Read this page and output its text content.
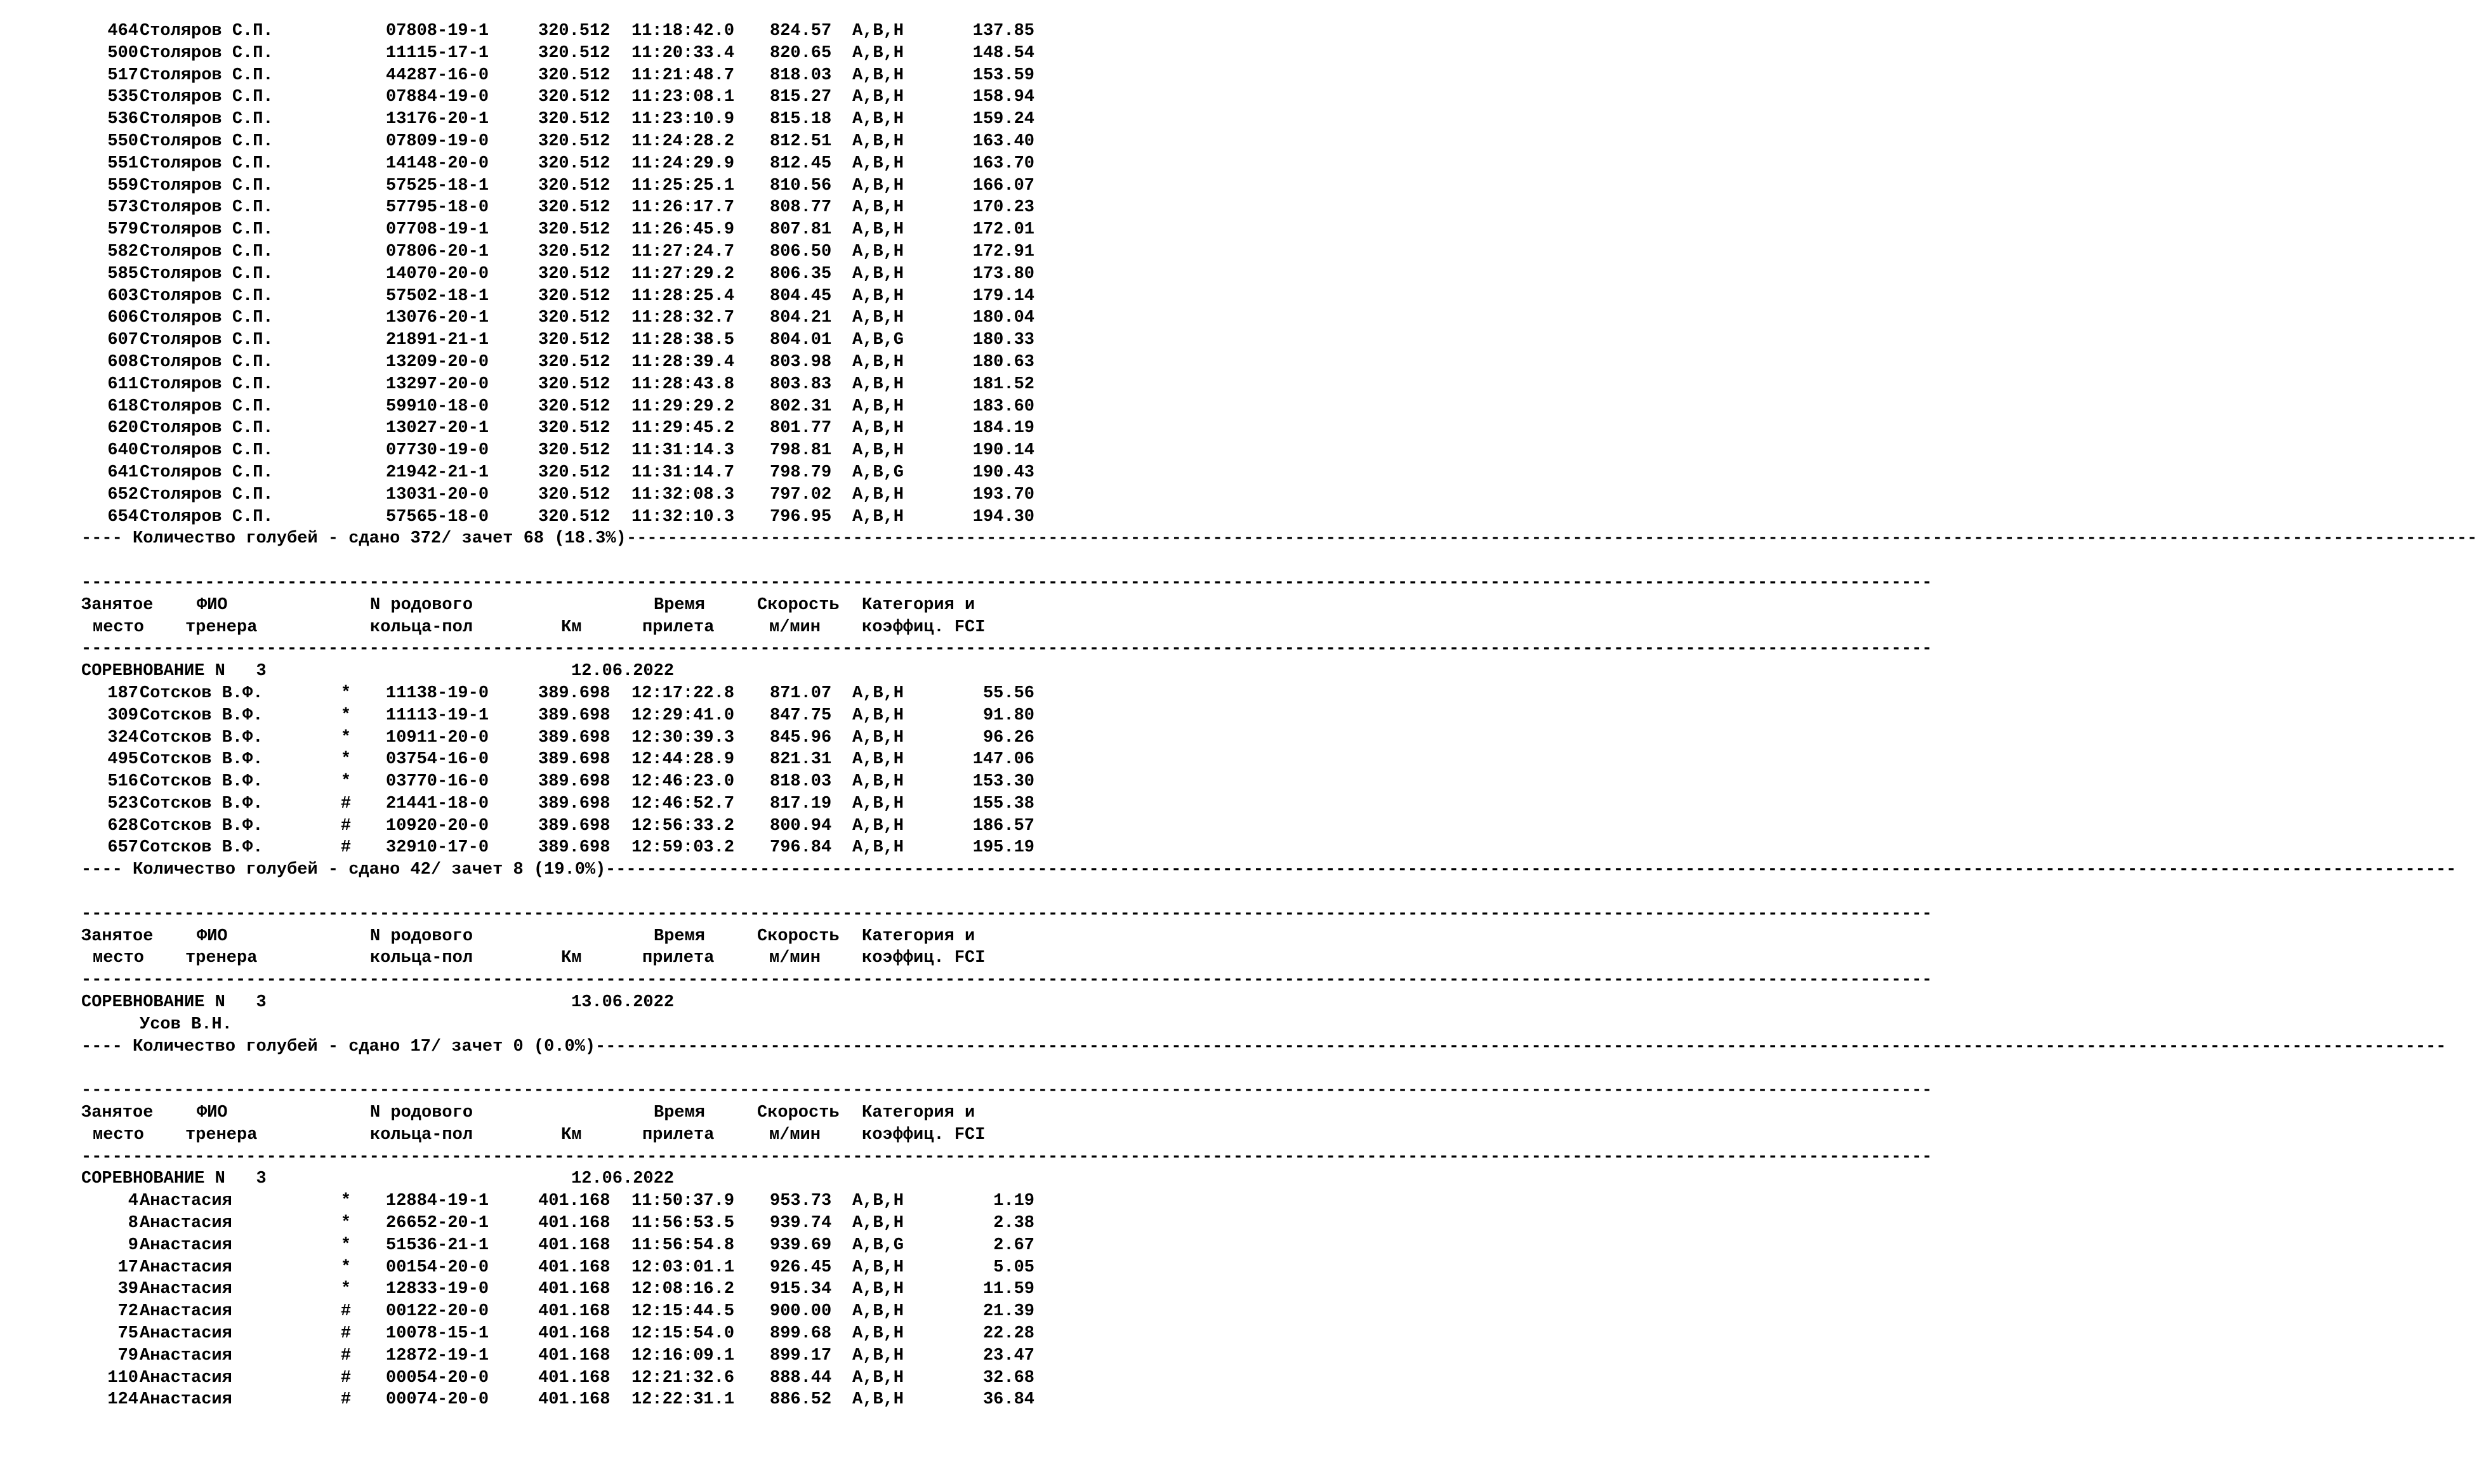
464 Столяров С.П.	07808-19-1	320.512	11:18:42.0	824.57	A,B,H	137.85
500 Столяров С.П.	11115-17-1	320.512	11:20:33.4	820.65	A,B,H	148.54
517 Столяров С.П.	44287-16-0	320.512	11:21:48.7	818.03	A,B,H	153.59
535 Столяров С.П.	07884-19-0	320.512	11:23:08.1	815.27	A,B,H	158.94
536 Столяров С.П.	13176-20-1	320.512	11:23:10.9	815.18	A,B,H	159.24
550 Столяров С.П.	07809-19-0	320.512	11:24:28.2	812.51	A,B,H	163.40
551 Столяров С.П.	14148-20-0	320.512	11:24:29.9	812.45	A,B,H	163.70
559 Столяров С.П.	57525-18-1	320.512	11:25:25.1	810.56	A,B,H	166.07
573 Столяров С.П.	57795-18-0	320.512	11:26:17.7	808.77	A,B,H	170.23
579 Столяров С.П.	07708-19-1	320.512	11:26:45.9	807.81	A,B,H	172.01
582 Столяров С.П.	07806-20-1	320.512	11:27:24.7	806.50	A,B,H	172.91
585 Столяров С.П.	14070-20-0	320.512	11:27:29.2	806.35	A,B,H	173.80
603 Столяров С.П.	57502-18-1	320.512	11:28:25.4	804.45	A,B,H	179.14
606 Столяров С.П.	13076-20-1	320.512	11:28:32.7	804.21	A,B,H	180.04
607 Столяров С.П.	21891-21-1	320.512	11:28:38.5	804.01	A,B,G	180.33
608 Столяров С.П.	13209-20-0	320.512	11:28:39.4	803.98	A,B,H	180.63
611 Столяров С.П.	13297-20-0	320.512	11:28:43.8	803.83	A,B,H	181.52
618 Столяров С.П.	59910-18-0	320.512	11:29:29.2	802.31	A,B,H	183.60
620 Столяров С.П.	13027-20-1	320.512	11:29:45.2	801.77	A,B,H	184.19
640 Столяров С.П.	07730-19-0	320.512	11:31:14.3	798.81	A,B,H	190.14
641 Столяров С.П.	21942-21-1	320.512	11:31:14.7	798.79	A,B,G	190.43
652 Столяров С.П.	13031-20-0	320.512	11:32:08.3	797.02	A,B,H	193.70
654 Столяров С.П.	57565-18-0	320.512	11:32:10.3	796.95	A,B,H	194.30
---- Количество голубей - сдано 372/ зачет 68 (18.3%) ------------------------------------------------------------------------------------------------------------------------------------------------------------------------------------
------------------------------------------------------------------------------------------------------------------------------------------------------------------------------------
Занятое	ФИО	N родового	Время	Скорость Категория и
место тренера	кольца-пол	Км	прилета	м/мин коэффиц. FCI
------------------------------------------------------------------------------------------------------------------------------------------------------------------------------------
СОРЕВНОВАНИЕ N   3	12.06.2022
187 Сотсков В.Ф.	*	11138-19-0	389.698	12:17:22.8	871.07	A,B,H	55.56
309 Сотсков В.Ф.	*	11113-19-1	389.698	12:29:41.0	847.75	A,B,H	91.80
324 Сотсков В.Ф.	*	10911-20-0	389.698	12:30:39.3	845.96	A,B,H	96.26
495 Сотсков В.Ф.	*	03754-16-0	389.698	12:44:28.9	821.31	A,B,H	147.06
516 Сотсков В.Ф.	*	03770-16-0	389.698	12:46:23.0	818.03	A,B,H	153.30
523 Сотсков В.Ф.	#	21441-18-0	389.698	12:46:52.7	817.19	A,B,H	155.38
628 Сотсков В.Ф.	#	10920-20-0	389.698	12:56:33.2	800.94	A,B,H	186.57
657 Сотсков В.Ф.	#	32910-17-0	389.698	12:59:03.2	796.84	A,B,H	195.19
---- Количество голубей - сдано 42/ зачет 8 (19.0%) ------------------------------------------------------------------------------------------------------------------------------------------------------------------------------------
------------------------------------------------------------------------------------------------------------------------------------------------------------------------------------
Занятое	ФИО	N родового	Время	Скорость Категория и
место тренера	кольца-пол	Км	прилета	м/мин коэффиц. FCI
------------------------------------------------------------------------------------------------------------------------------------------------------------------------------------
СОРЕВНОВАНИЕ N   3	13.06.2022
Усов В.Н.
---- Количество голубей - сдано 17/ зачет 0 (0.0%) ------------------------------------------------------------------------------------------------------------------------------------------------------------------------------------
------------------------------------------------------------------------------------------------------------------------------------------------------------------------------------
Занятое	ФИО	N родового	Время	Скорость Категория и
место тренера	кольца-пол	Км	прилета	м/мин коэффиц. FCI
------------------------------------------------------------------------------------------------------------------------------------------------------------------------------------
СОРЕВНОВАНИЕ N   3	12.06.2022
4 Анастасия	*	12884-19-1	401.168	11:50:37.9	953.73	A,B,H	1.19
8 Анастасия	*	26652-20-1	401.168	11:56:53.5	939.74	A,B,H	2.38
9 Анастасия	*	51536-21-1	401.168	11:56:54.8	939.69	A,B,G	2.67
17 Анастасия	*	00154-20-0	401.168	12:03:01.1	926.45	A,B,H	5.05
39 Анастасия	*	12833-19-0	401.168	12:08:16.2	915.34	A,B,H	11.59
72 Анастасия	#	00122-20-0	401.168	12:15:44.5	900.00	A,B,H	21.39
75 Анастасия	#	10078-15-1	401.168	12:15:54.0	899.68	A,B,H	22.28
79 Анастасия	#	12872-19-1	401.168	12:16:09.1	899.17	A,B,H	23.47
110 Анастасия	#	00054-20-0	401.168	12:21:32.6	888.44	A,B,H	32.68
124 Анастасия	#	00074-20-0	401.168	12:22:31.1	886.52	A,B,H	36.84
